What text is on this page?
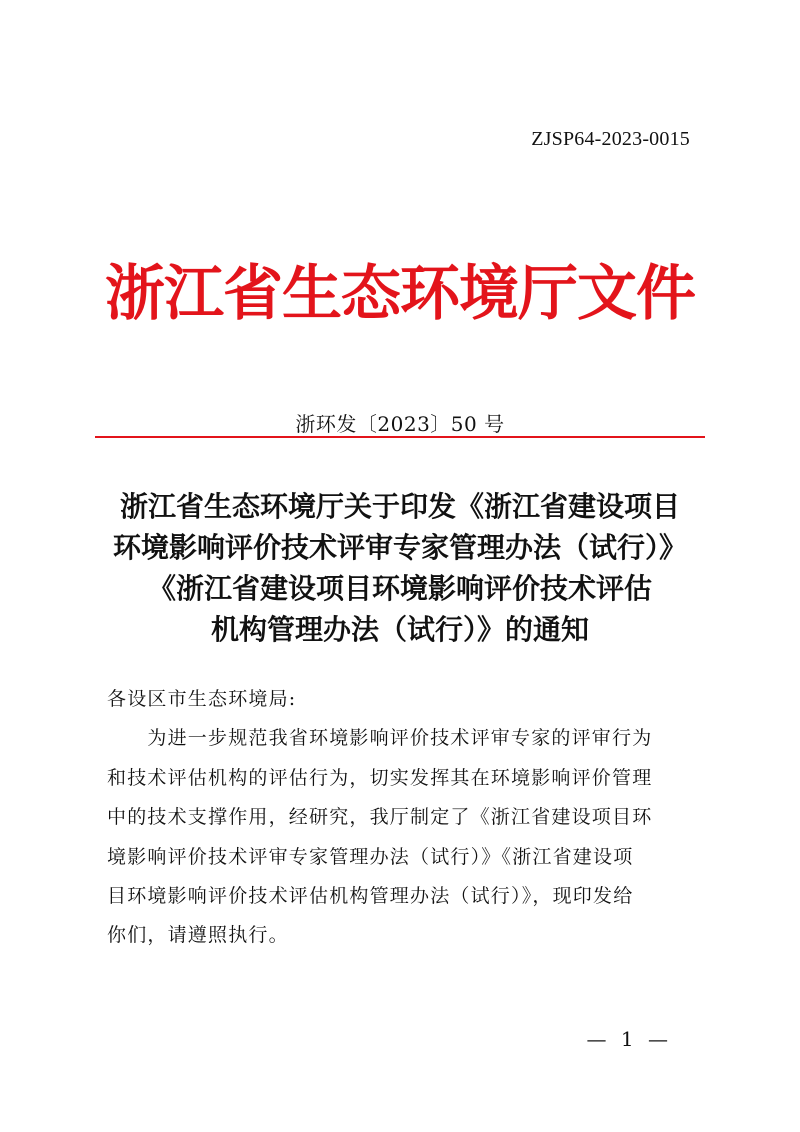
ZJSP64-2023-0015
浙江省生态环境厅文件
浙环发〔2023〕50 号
浙江省生态环境厅关于印发《浙江省建设项目
环境影响评价技术评审专家管理办法（试行）》
《浙江省建设项目环境影响评价技术评估
机构管理办法（试行）》的通知
各设区市生态环境局:
　　为进一步规范我省环境影响评价技术评审专家的评审行为
和技术评估机构的评估行为，切实发挥其在环境影响评价管理
中的技术支撑作用，经研究，我厅制定了《浙江省建设项目环
境影响评价技术评审专家管理办法（试行）》《浙江省建设项
目环境影响评价技术评估机构管理办法（试行）》，现印发给
你们，请遵照执行。
— 1 —
